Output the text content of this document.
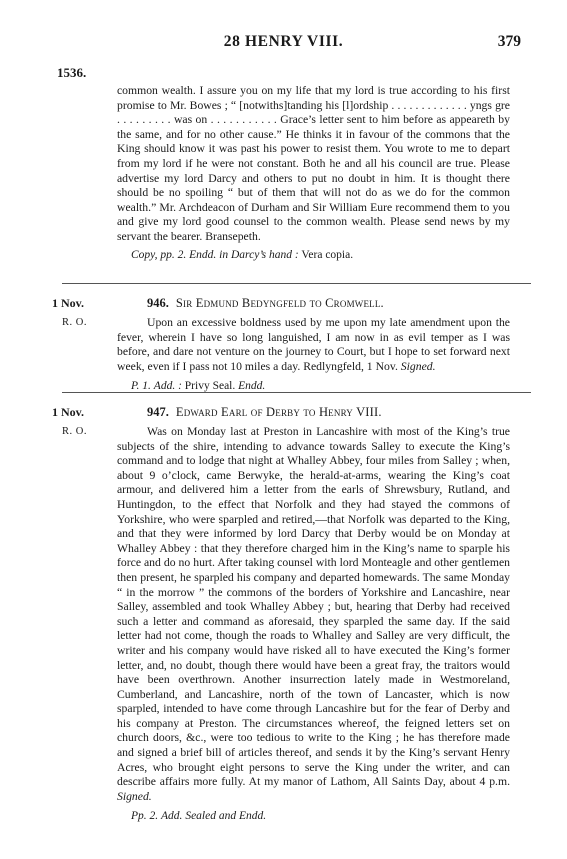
28 HENRY VIII.	379
1536.

common wealth. I assure you on my life that my lord is true according to his first promise to Mr. Bowes ; “ [notwiths]tanding his [l]ordship . . . . . . . . . . . . . yngs gre . . . . . . . . . was on . . . . . . . . . . . Grace’s letter sent to him before as appeareth by the same, and for no other cause.” He thinks it in favour of the commons that the King should know it was past his power to resist them. You wrote to me to depart from my lord if he were not constant. Both he and all his council are true. Please advertise my lord Darcy and others to put no doubt in him. It is thought there should be no spoiling “ but of them that will not do as we do for the common wealth.” Mr. Archdeacon of Durham and Sir William Eure recommend them to you and give my lord good counsel to the common wealth. Please send news by my servant the bearer. Bransepeth.

Copy, pp. 2. Endd. in Darcy’s hand : Vera copia.
1 Nov.
R. O.

946. Sir Edmund Bedyngfeld to Cromwell.

Upon an excessive boldness used by me upon my late amendment upon the fever, wherein I have so long languished, I am now in as evil temper as I was before, and dare not venture on the journey to Court, but I hope to set forward next week, even if I pass not 10 miles a day. Redlyngfeld, 1 Nov. Signed.

P. 1. Add. : Privy Seal. Endd.
1 Nov.
R. O.

947. Edward Earl of Derby to Henry VIII.

Was on Monday last at Preston in Lancashire with most of the King’s true subjects of the shire, intending to advance towards Salley to execute the King’s command and to lodge that night at Whalley Abbey, four miles from Salley ; when, about 9 o’clock, came Berwyke, the herald-at-arms, wearing the King’s coat armour, and delivered him a letter from the earls of Shrewsbury, Rutland, and Huntingdon, to the effect that Norfolk and they had stayed the commons of Yorkshire, who were sparpled and retired,—that Norfolk was departed to the King, and that they were informed by lord Darcy that Derby would be on Monday at Whalley Abbey : that they therefore charged him in the King’s name to sparple his force and do no hurt. After taking counsel with lord Monteagle and other gentlemen then present, he sparpled his company and departed homewards. The same Monday “ in the morrow ” the commons of the borders of Yorkshire and Lancashire, near Salley, assembled and took Whalley Abbey ; but, hearing that Derby had received such a letter and command as aforesaid, they sparpled the same day. If the said letter had not come, though the roads to Whalley and Salley are very difficult, the writer and his company would have risked all to have executed the King’s former letter, and, no doubt, though there would have been a great fray, the traitors would have been overthrown. Another insurrection lately made in Westmoreland, Cumberland, and Lancashire, north of the town of Lancaster, which is now sparpled, intended to have come through Lancashire but for the fear of Derby and his company at Preston. The circumstances whereof, the feigned letters set on church doors, &c., were too tedious to write to the King ; he has therefore made and signed a brief bill of articles thereof, and sends it by the King’s servant Henry Acres, who brought eight persons to serve the King under the writer, and can describe affairs more fully. At my manor of Lathom, All Saints Day, about 4 p.m. Signed.

Pp. 2. Add. Sealed and Endd.
